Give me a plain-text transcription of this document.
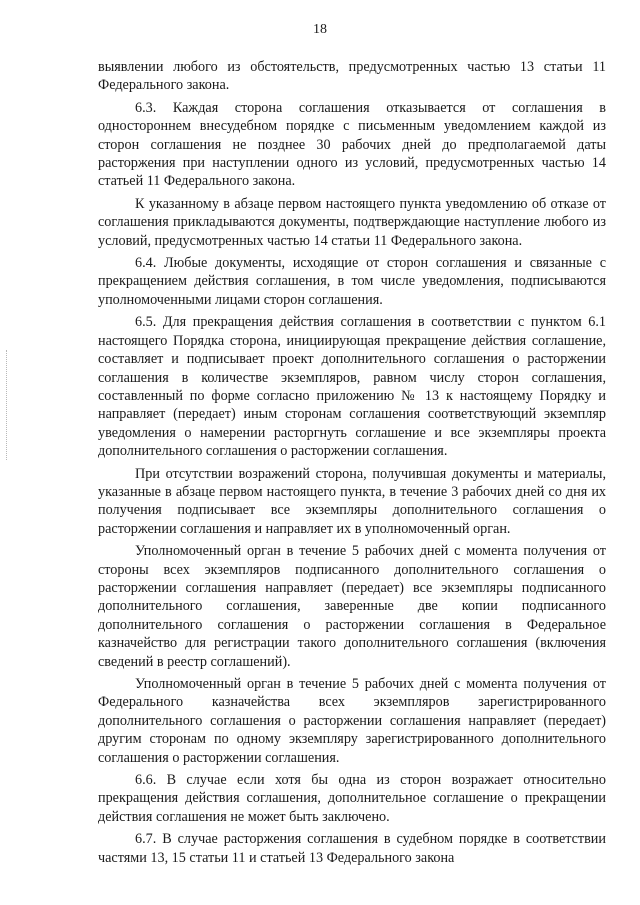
18

выявлении любого из обстоятельств, предусмотренных частью 13 статьи 11 Федерального закона.

6.3. Каждая сторона соглашения отказывается от соглашения в одностороннем внесудебном порядке с письменным уведомлением каждой из сторон соглашения не позднее 30 рабочих дней до предполагаемой даты расторжения при наступлении одного из условий, предусмотренных частью 14 статьей 11 Федерального закона.

К указанному в абзаце первом настоящего пункта уведомлению об отказе от соглашения прикладываются документы, подтверждающие наступление любого из условий, предусмотренных частью 14 статьи 11 Федерального закона.

6.4. Любые документы, исходящие от сторон соглашения и связанные с прекращением действия соглашения, в том числе уведомления, подписываются уполномоченными лицами сторон соглашения.

6.5. Для прекращения действия соглашения в соответствии с пунктом 6.1 настоящего Порядка сторона, инициирующая прекращение действия соглашение, составляет и подписывает проект дополнительного соглашения о расторжении соглашения в количестве экземпляров, равном числу сторон соглашения, составленный по форме согласно приложению № 13 к настоящему Порядку и направляет (передает) иным сторонам соглашения соответствующий экземпляр уведомления о намерении расторгнуть соглашение и все экземпляры проекта дополнительного соглашения о расторжении соглашения.

При отсутствии возражений сторона, получившая документы и материалы, указанные в абзаце первом настоящего пункта, в течение 3 рабочих дней со дня их получения подписывает все экземпляры дополнительного соглашения о расторжении соглашения и направляет их в уполномоченный орган.

Уполномоченный орган в течение 5 рабочих дней с момента получения от стороны всех экземпляров подписанного дополнительного соглашения о расторжении соглашения направляет (передает) все экземпляры подписанного дополнительного соглашения, заверенные две копии подписанного дополнительного соглашения о расторжении соглашения в Федеральное казначейство для регистрации такого дополнительного соглашения (включения сведений в реестр соглашений).

Уполномоченный орган в течение 5 рабочих дней с момента получения от Федерального казначейства всех экземпляров зарегистрированного дополнительного соглашения о расторжении соглашения направляет (передает) другим сторонам по одному экземпляру зарегистрированного дополнительного соглашения о расторжении соглашения.

6.6. В случае если хотя бы одна из сторон возражает относительно прекращения действия соглашения, дополнительное соглашение о прекращении действия соглашения не может быть заключено.

6.7. В случае расторжения соглашения в судебном порядке в соответствии частями 13, 15 статьи 11 и статьей 13 Федерального закона
